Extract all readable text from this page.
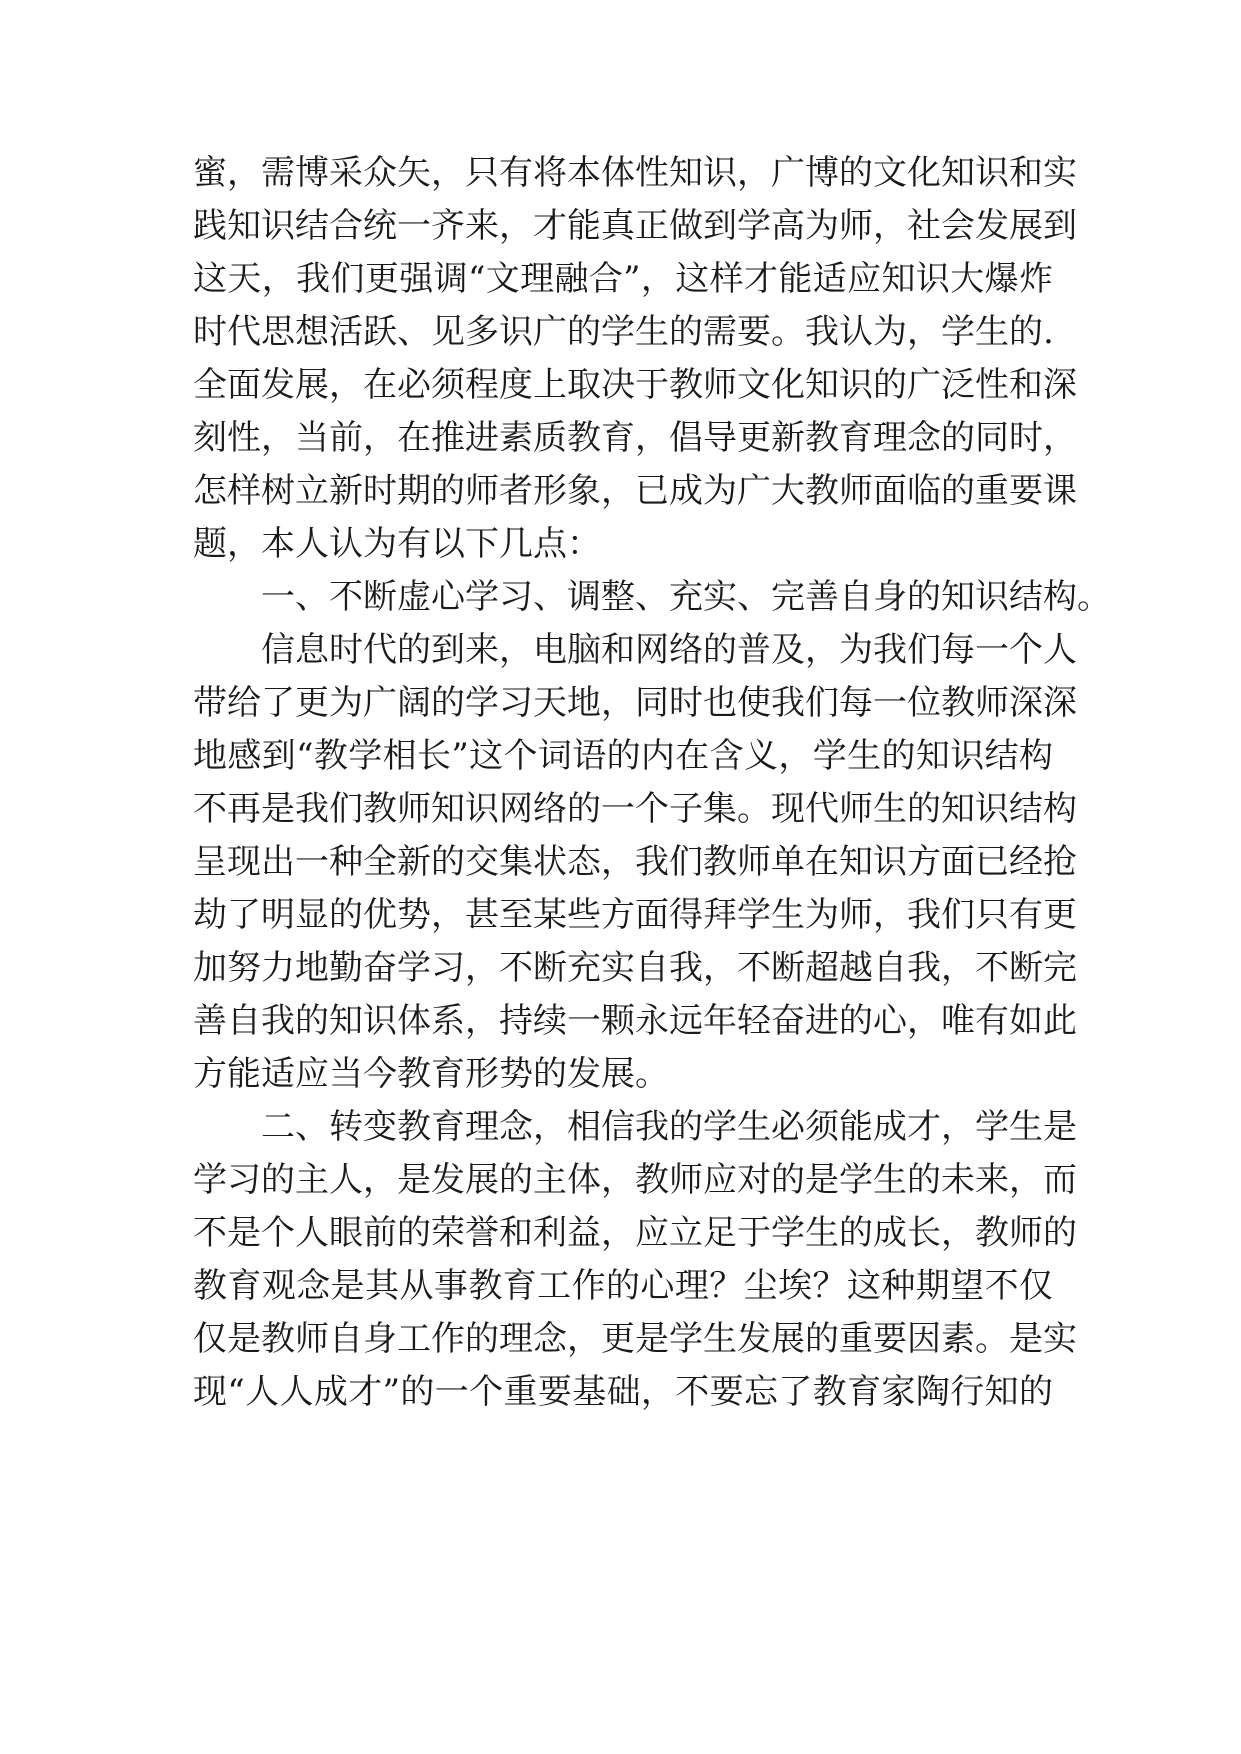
蜜，需博采众矢，只有将本体性知识，广博的文化知识和实
践知识结合统一齐来，才能真正做到学高为师，社会发展到
这天，我们更强调“文理融合”，这样才能适应知识大爆炸
时代思想活跃、见多识广的学生的需要。我认为，学生的.
全面发展，在必须程度上取决于教师文化知识的广泛性和深
刻性，当前，在推进素质教育，倡导更新教育理念的同时，
怎样树立新时期的师者形象，已成为广大教师面临的重要课
题，本人认为有以下几点：
一、不断虚心学习、调整、充实、完善自身的知识结构。
信息时代的到来，电脑和网络的普及，为我们每一个人
带给了更为广阔的学习天地，同时也使我们每一位教师深深
地感到“教学相长”这个词语的内在含义，学生的知识结构
不再是我们教师知识网络的一个子集。现代师生的知识结构
呈现出一种全新的交集状态，我们教师单在知识方面已经抢
劫了明显的优势，甚至某些方面得拜学生为师，我们只有更
加努力地勤奋学习，不断充实自我，不断超越自我，不断完
善自我的知识体系，持续一颗永远年轻奋进的心，唯有如此
方能适应当今教育形势的发展。
二、转变教育理念，相信我的学生必须能成才，学生是
学习的主人，是发展的主体，教师应对的是学生的未来，而
不是个人眼前的荣誉和利益，应立足于学生的成长，教师的
教育观念是其从事教育工作的心理？尘埃？这种期望不仅
仅是教师自身工作的理念，更是学生发展的重要因素。是实
现“人人成才”的一个重要基础，不要忘了教育家陶行知的
